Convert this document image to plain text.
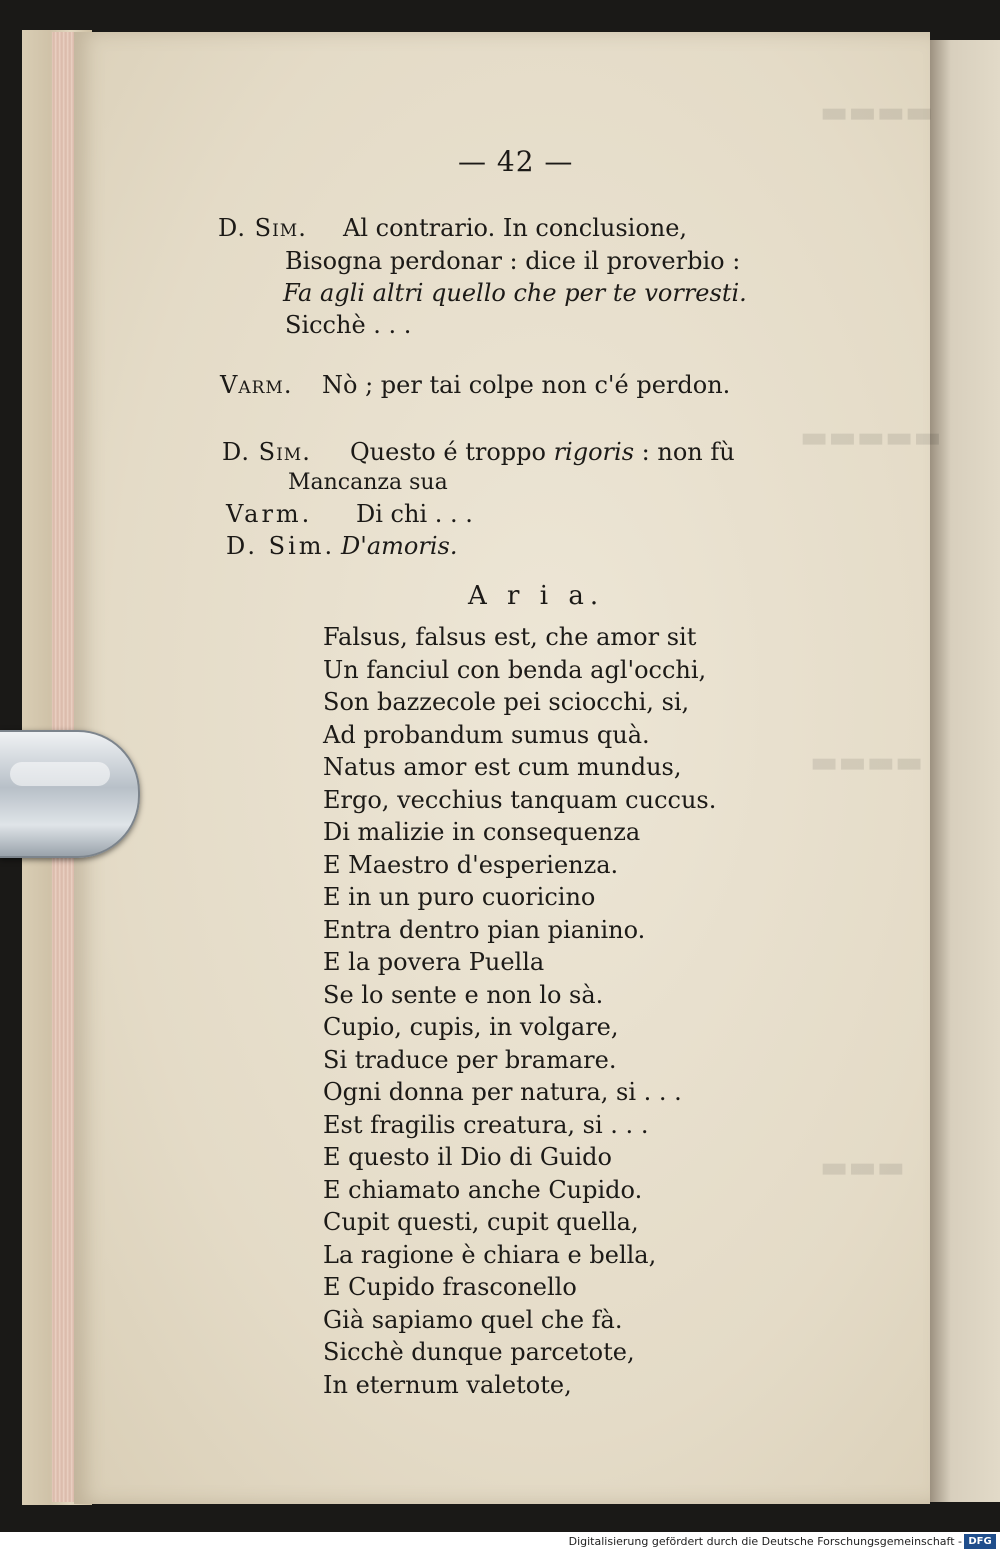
▬▬▬▬
▬▬▬▬▬
▬▬▬▬
▬▬▬
— 42 —
D. Sim. Al contrario. In conclusione,
Bisogna perdonar : dice il proverbio :
Fa agli altri quello che per te vorresti.
Sicchè . . .
Varm. Nò ; per tai colpe non c'é perdon.
D. Sim. Questo é troppo rigoris : non fù
Mancanza sua
Varm. Di chi . . .
D. Sim. D'amoris.
A r i a.
Falsus, falsus est, che amor sit
Un fanciul con benda agl'occhi,
Son bazzecole pei sciocchi, si,
Ad probandum sumus quà.
Natus amor est cum mundus,
Ergo, vecchius tanquam cuccus.
Di malizie in consequenza
E Maestro d'esperienza.
E in un puro cuoricino
Entra dentro pian pianino.
E la povera Puella
Se lo sente e non lo sà.
Cupio, cupis, in volgare,
Si traduce per bramare.
Ogni donna per natura, si . . .
Est fragilis creatura, si . . .
E questo il Dio di Guido
E chiamato anche Cupido.
Cupit questi, cupit quella,
La ragione è chiara e bella,
E Cupido frasconello
Già sapiamo quel che fà.
Sicchè dunque parcetote,
In eternum valetote,
Digitalisierung gefördert durch die Deutsche Forschungsgemeinschaft - DFG
